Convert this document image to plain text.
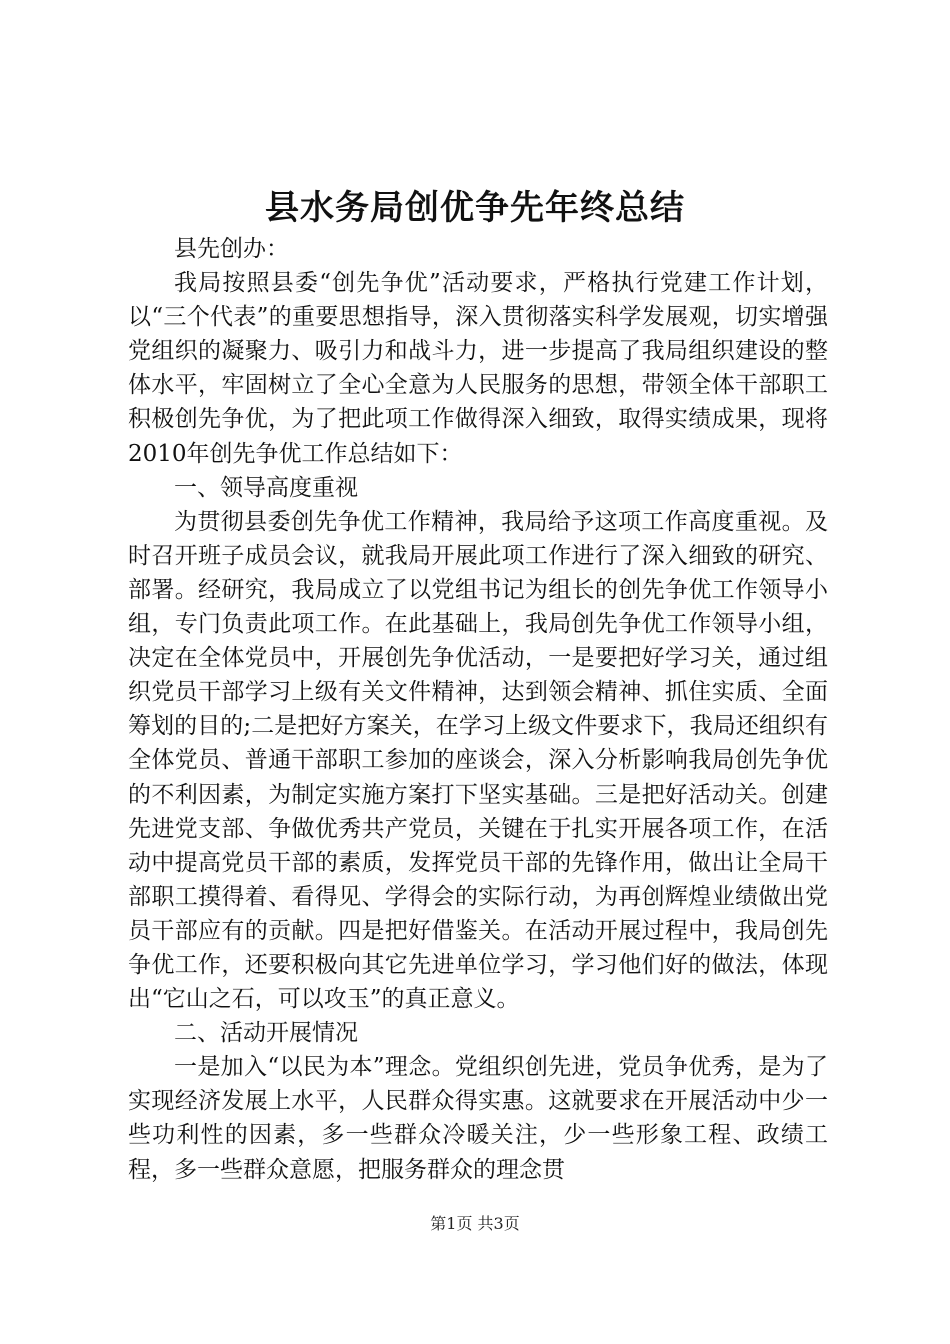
县水务局创优争先年终总结

县先创办：

我局按照县委“创先争优”活动要求，严格执行党建工作计划，以“三个代表”的重要思想指导，深入贯彻落实科学发展观，切实增强党组织的凝聚力、吸引力和战斗力，进一步提高了我局组织建设的整体水平，牢固树立了全心全意为人民服务的思想，带领全体干部职工积极创先争优，为了把此项工作做得深入细致，取得实绩成果，现将2010年创先争优工作总结如下：

一、领导高度重视

为贯彻县委创先争优工作精神，我局给予这项工作高度重视。及时召开班子成员会议，就我局开展此项工作进行了深入细致的研究、部署。经研究，我局成立了以党组书记为组长的创先争优工作领导小组，专门负责此项工作。在此基础上，我局创先争优工作领导小组，决定在全体党员中，开展创先争优活动，一是要把好学习关，通过组织党员干部学习上级有关文件精神，达到领会精神、抓住实质、全面筹划的目的;二是把好方案关，在学习上级文件要求下，我局还组织有全体党员、普通干部职工参加的座谈会，深入分析影响我局创先争优的不利因素，为制定实施方案打下坚实基础。三是把好活动关。创建先进党支部、争做优秀共产党员，关键在于扎实开展各项工作，在活动中提高党员干部的素质，发挥党员干部的先锋作用，做出让全局干部职工摸得着、看得见、学得会的实际行动，为再创辉煌业绩做出党员干部应有的贡献。四是把好借鉴关。在活动开展过程中，我局创先争优工作，还要积极向其它先进单位学习，学习他们好的做法，体现出“它山之石，可以攻玉”的真正意义。

二、活动开展情况

一是加入“以民为本”理念。党组织创先进，党员争优秀，是为了实现经济发展上水平，人民群众得实惠。这就要求在开展活动中少一些功利性的因素，多一些群众冷暖关注，少一些形象工程、政绩工程，多一些群众意愿，把服务群众的理念贯

第1页 共3页
